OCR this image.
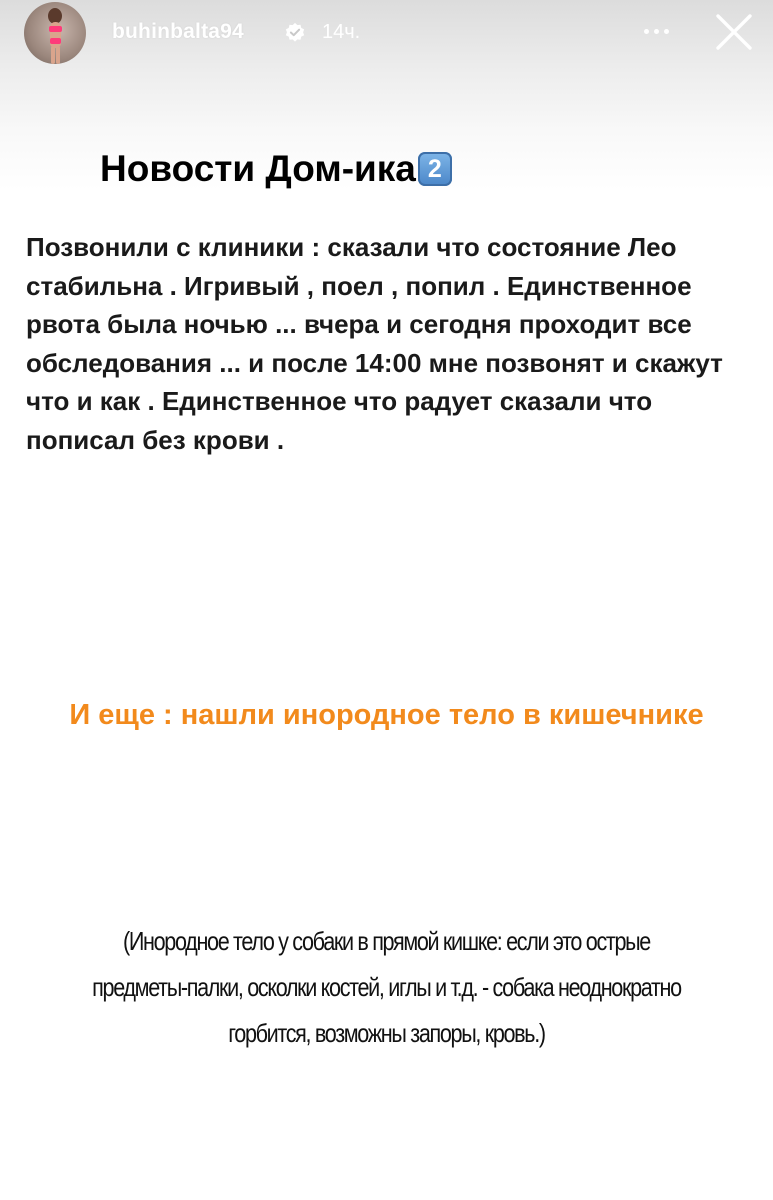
buhinbalta94	14ч.
Новости Дом-ика 2

Позвонили с клиники : сказали что состояние Лео стабильна . Игривый , поел , попил . Единственное рвота была ночью ... вчера и сегодня проходит все обследования ... и после 14:00 мне позвонят и скажут что и как . Единственное что радует сказали что пописал без крови .

И еще : нашли инородное тело в кишечнике

(Инородное тело у собаки в прямой кишке: если это острые предметы-палки, осколки костей, иглы и т.д. - собака неоднократно горбится, возможны запоры, кровь.)
